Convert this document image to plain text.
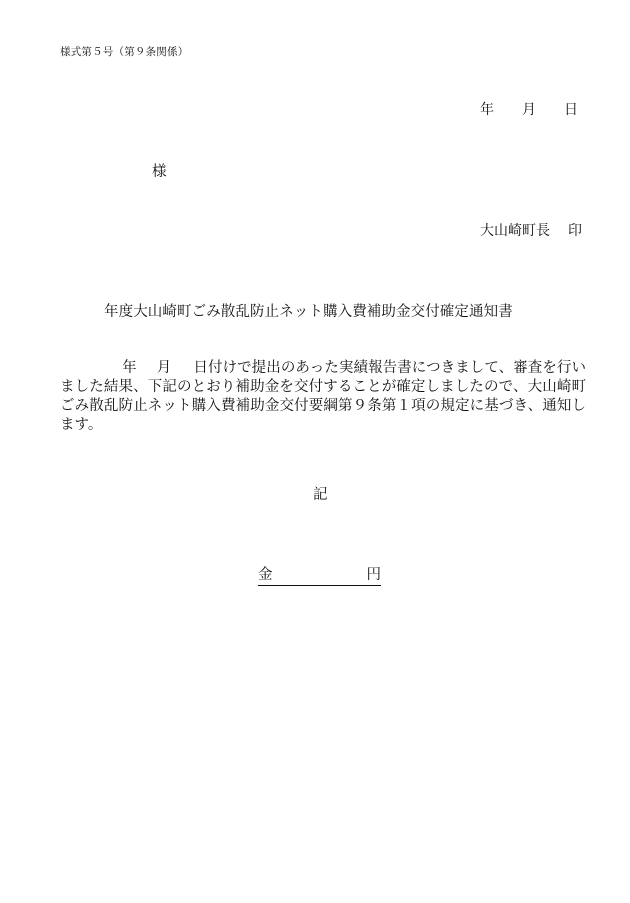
様式第５号（第９条関係）
年 月 日
様
大山崎町長 印
年度大山崎町ごみ散乱防止ネット購入費補助金交付確定通知書
年 月 日付けで提出のあった実績報告書につきまして、審査を行いました結果、下記のとおり補助金を交付することが確定しましたので、大山崎町ごみ散乱防止ネット購入費補助金交付要綱第９条第１項の規定に基づき、通知します。
記
金	円
